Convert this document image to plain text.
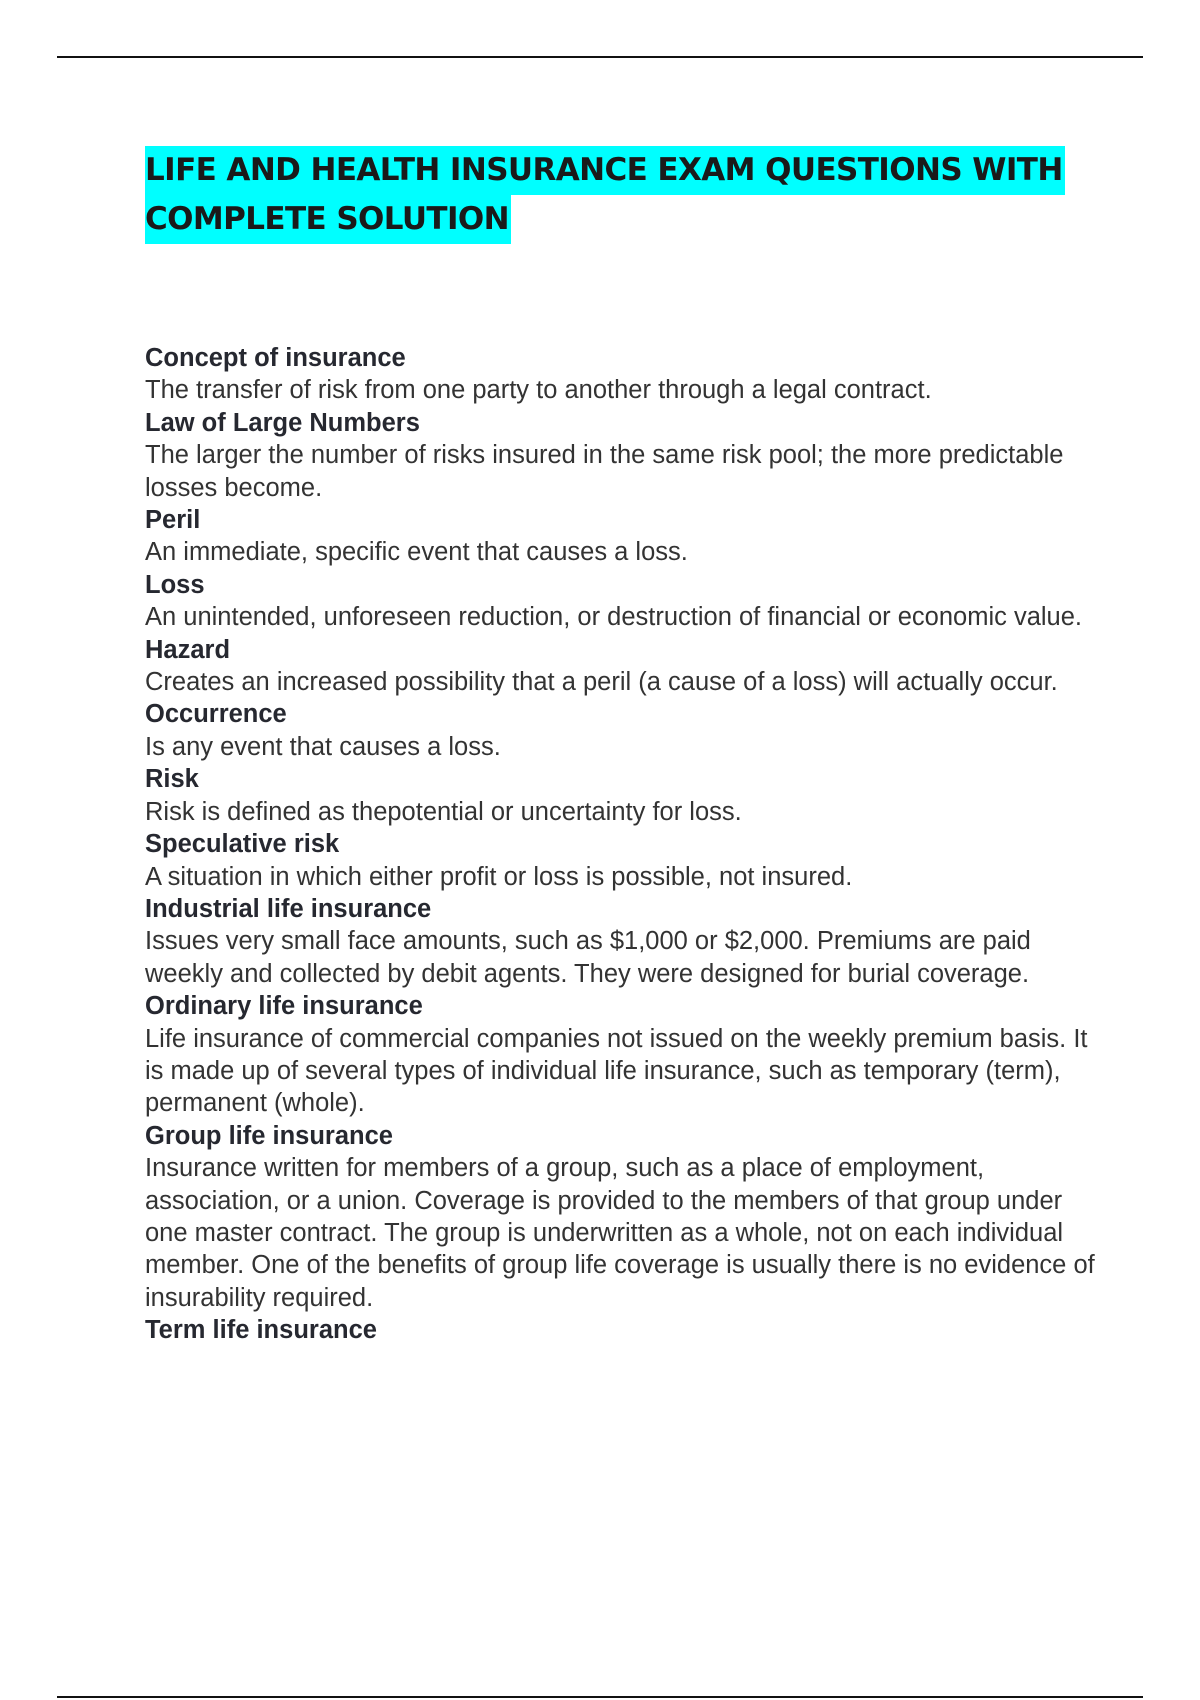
LIFE AND HEALTH INSURANCE EXAM QUESTIONS WITH
COMPLETE SOLUTION

Concept of insurance

The transfer of risk from one party to another through a legal contract.

Law of Large Numbers

The larger the number of risks insured in the same risk pool; the more predictable losses become.

Peril

An immediate, specific event that causes a loss.

Loss

An unintended, unforeseen reduction, or destruction of financial or economic value.

Hazard

Creates an increased possibility that a peril (a cause of a loss) will actually occur.

Occurrence

Is any event that causes a loss.

Risk

Risk is defined as thepotential or uncertainty for loss.

Speculative risk

A situation in which either profit or loss is possible, not insured.

Industrial life insurance

Issues very small face amounts, such as $1,000 or $2,000. Premiums are paid weekly and collected by debit agents. They were designed for burial coverage.

Ordinary life insurance

Life insurance of commercial companies not issued on the weekly premium basis. It is made up of several types of individual life insurance, such as temporary (term), permanent (whole).

Group life insurance

Insurance written for members of a group, such as a place of employment, association, or a union. Coverage is provided to the members of that group under one master contract. The group is underwritten as a whole, not on each individual member. One of the benefits of group life coverage is usually there is no evidence of insurability required.

Term life insurance
